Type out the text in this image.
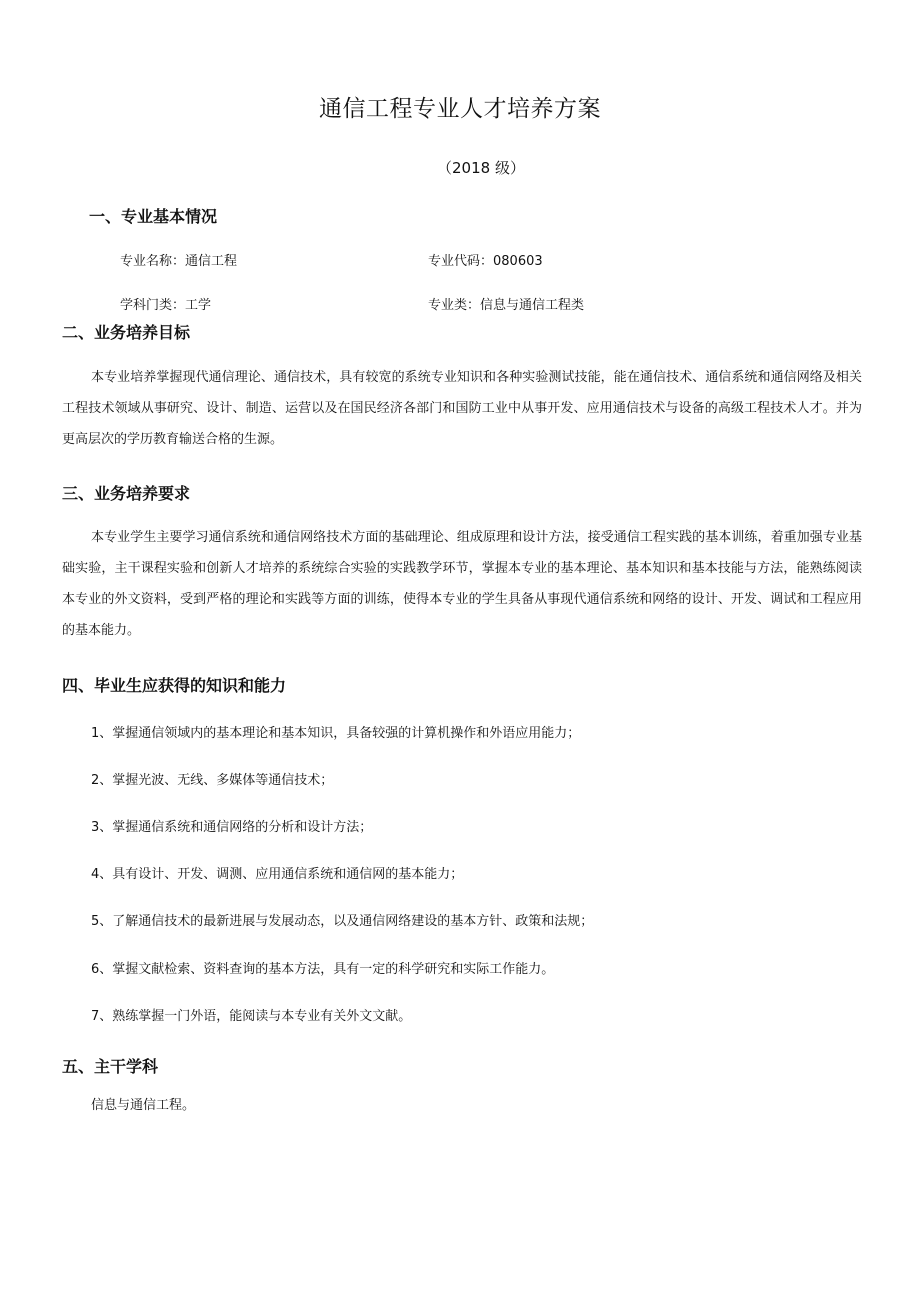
通信工程专业人才培养方案

（2018 级）

一、专业基本情况

专业名称：通信工程	专业代码：080603

学科门类：工学	专业类：信息与通信工程类

二、业务培养目标

本专业培养掌握现代通信理论、通信技术，具有较宽的系统专业知识和各种实验测试技能，能在通信技术、通信系统和通信网络及相关工程技术领域从事研究、设计、制造、运营以及在国民经济各部门和国防工业中从事开发、应用通信技术与设备的高级工程技术人才。并为更高层次的学历教育输送合格的生源。

三、业务培养要求

本专业学生主要学习通信系统和通信网络技术方面的基础理论、组成原理和设计方法，接受通信工程实践的基本训练，着重加强专业基础实验，主干课程实验和创新人才培养的系统综合实验的实践教学环节，掌握本专业的基本理论、基本知识和基本技能与方法，能熟练阅读本专业的外文资料，受到严格的理论和实践等方面的训练，使得本专业的学生具备从事现代通信系统和网络的设计、开发、调试和工程应用的基本能力。

四、毕业生应获得的知识和能力

1、掌握通信领域内的基本理论和基本知识，具备较强的计算机操作和外语应用能力；

2、掌握光波、无线、多媒体等通信技术；

3、掌握通信系统和通信网络的分析和设计方法；

4、具有设计、开发、调测、应用通信系统和通信网的基本能力；

5、了解通信技术的最新进展与发展动态，以及通信网络建设的基本方针、政策和法规；

6、掌握文献检索、资料查询的基本方法，具有一定的科学研究和实际工作能力。

7、熟练掌握一门外语，能阅读与本专业有关外文文献。

五、主干学科

信息与通信工程。
